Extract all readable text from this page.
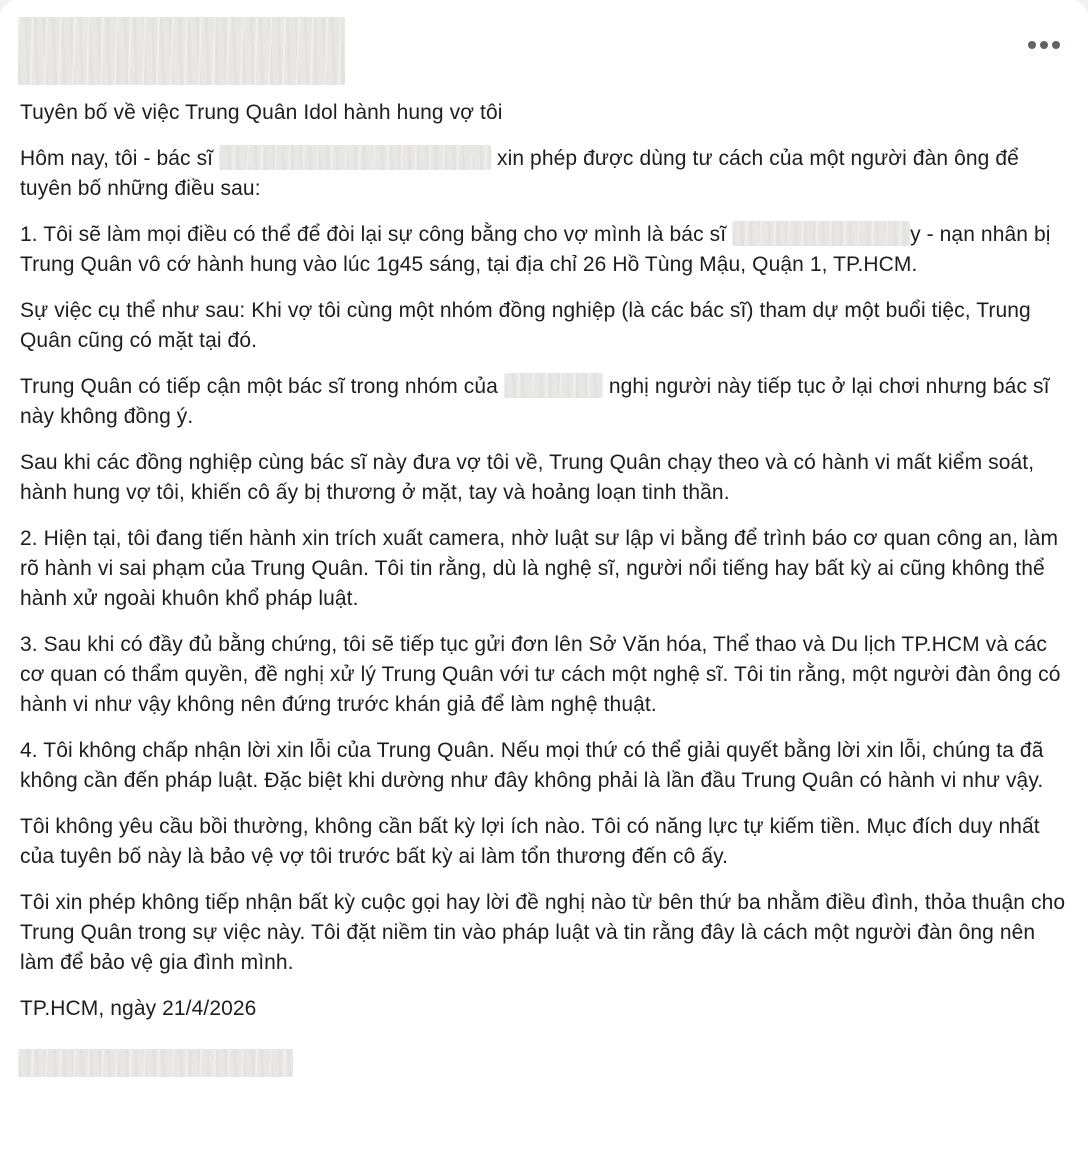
Tuyên bố về việc Trung Quân Idol hành hung vợ tôi

Hôm nay, tôi - bác sĩ	xin phép được dùng tư cách của một người đàn ông để tuyên bố những điều sau:

1. Tôi sẽ làm mọi điều có thể để đòi lại sự công bằng cho vợ mình là bác sĩ	y - nạn nhân bị Trung Quân vô cớ hành hung vào lúc 1g45 sáng, tại địa chỉ 26 Hồ Tùng Mậu, Quận 1, TP.HCM.

Sự việc cụ thể như sau: Khi vợ tôi cùng một nhóm đồng nghiệp (là các bác sĩ) tham dự một buổi tiệc, Trung Quân cũng có mặt tại đó.

Trung Quân có tiếp cận một bác sĩ trong nhóm của	nghị người này tiếp tục ở lại chơi nhưng bác sĩ này không đồng ý.

Sau khi các đồng nghiệp cùng bác sĩ này đưa vợ tôi về, Trung Quân chạy theo và có hành vi mất kiểm soát, hành hung vợ tôi, khiến cô ấy bị thương ở mặt, tay và hoảng loạn tinh thần.

2. Hiện tại, tôi đang tiến hành xin trích xuất camera, nhờ luật sư lập vi bằng để trình báo cơ quan công an, làm rõ hành vi sai phạm của Trung Quân. Tôi tin rằng, dù là nghệ sĩ, người nổi tiếng hay bất kỳ ai cũng không thể hành xử ngoài khuôn khổ pháp luật.

3. Sau khi có đầy đủ bằng chứng, tôi sẽ tiếp tục gửi đơn lên Sở Văn hóa, Thể thao và Du lịch TP.HCM và các cơ quan có thẩm quyền, đề nghị xử lý Trung Quân với tư cách một nghệ sĩ. Tôi tin rằng, một người đàn ông có hành vi như vậy không nên đứng trước khán giả để làm nghệ thuật.

4. Tôi không chấp nhận lời xin lỗi của Trung Quân. Nếu mọi thứ có thể giải quyết bằng lời xin lỗi, chúng ta đã không cần đến pháp luật. Đặc biệt khi dường như đây không phải là lần đầu Trung Quân có hành vi như vậy.

Tôi không yêu cầu bồi thường, không cần bất kỳ lợi ích nào. Tôi có năng lực tự kiếm tiền. Mục đích duy nhất của tuyên bố này là bảo vệ vợ tôi trước bất kỳ ai làm tổn thương đến cô ấy.

Tôi xin phép không tiếp nhận bất kỳ cuộc gọi hay lời đề nghị nào từ bên thứ ba nhằm điều đình, thỏa thuận cho Trung Quân trong sự việc này. Tôi đặt niềm tin vào pháp luật và tin rằng đây là cách một người đàn ông nên làm để bảo vệ gia đình mình.

TP.HCM, ngày 21/4/2026
